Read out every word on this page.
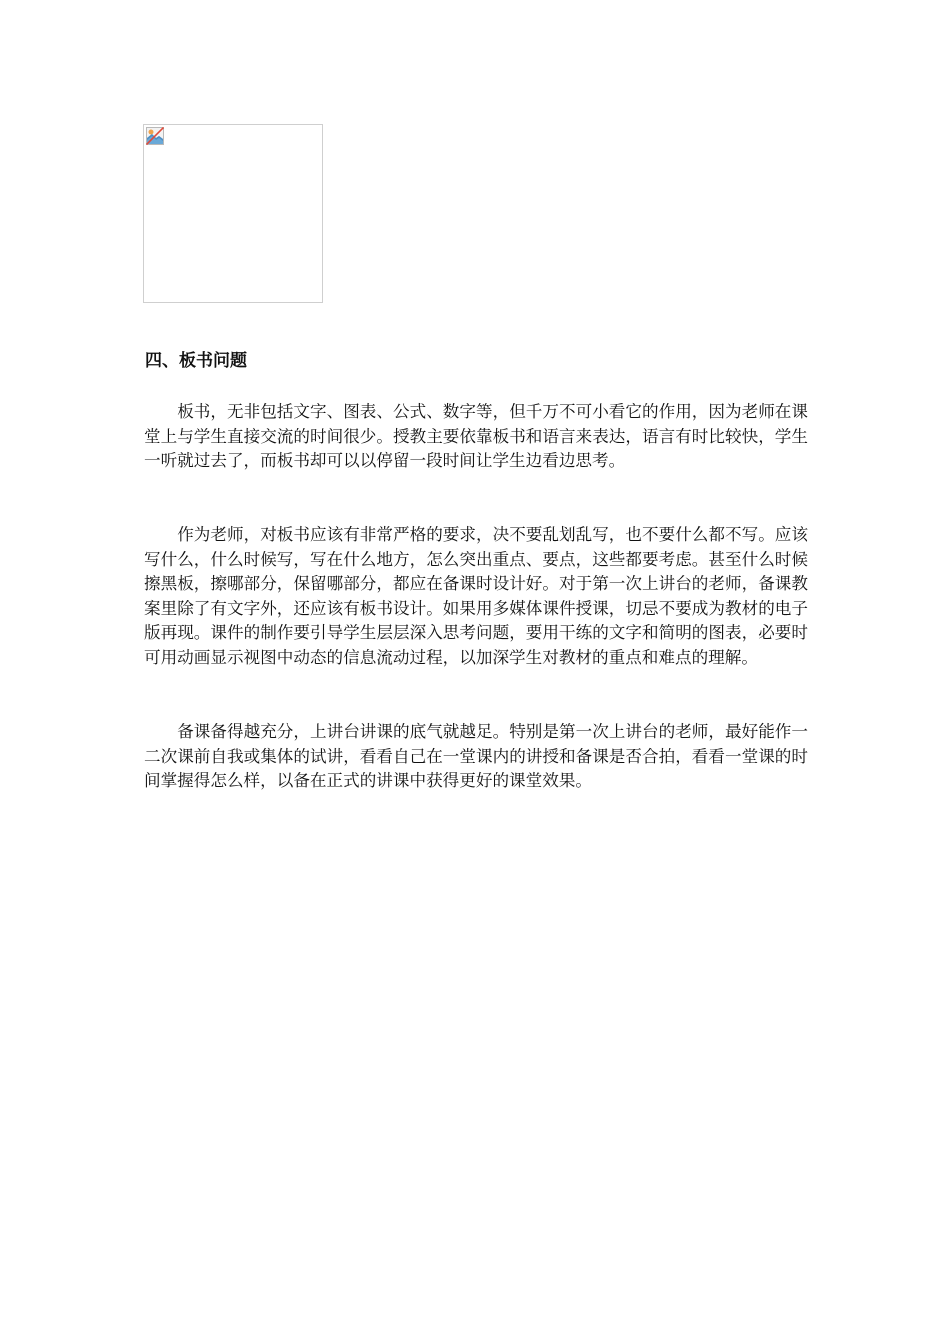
四、板书问题

板书，无非包括文字、图表、公式、数字等，但千万不可小看它的作用，因为老师在课堂上与学生直接交流的时间很少。授教主要依靠板书和语言来表达，语言有时比较快，学生一听就过去了，而板书却可以以停留一段时间让学生边看边思考。

作为老师，对板书应该有非常严格的要求，决不要乱划乱写，也不要什么都不写。应该写什么，什么时候写，写在什么地方，怎么突出重点、要点，这些都要考虑。甚至什么时候擦黑板，擦哪部分，保留哪部分，都应在备课时设计好。对于第一次上讲台的老师，备课教案里除了有文字外，还应该有板书设计。如果用多媒体课件授课，切忌不要成为教材的电子版再现。课件的制作要引导学生层层深入思考问题，要用干练的文字和简明的图表，必要时可用动画显示视图中动态的信息流动过程，以加深学生对教材的重点和难点的理解。

备课备得越充分，上讲台讲课的底气就越足。特别是第一次上讲台的老师，最好能作一二次课前自我或集体的试讲，看看自己在一堂课内的讲授和备课是否合拍，看看一堂课的时间掌握得怎么样，以备在正式的讲课中获得更好的课堂效果。
